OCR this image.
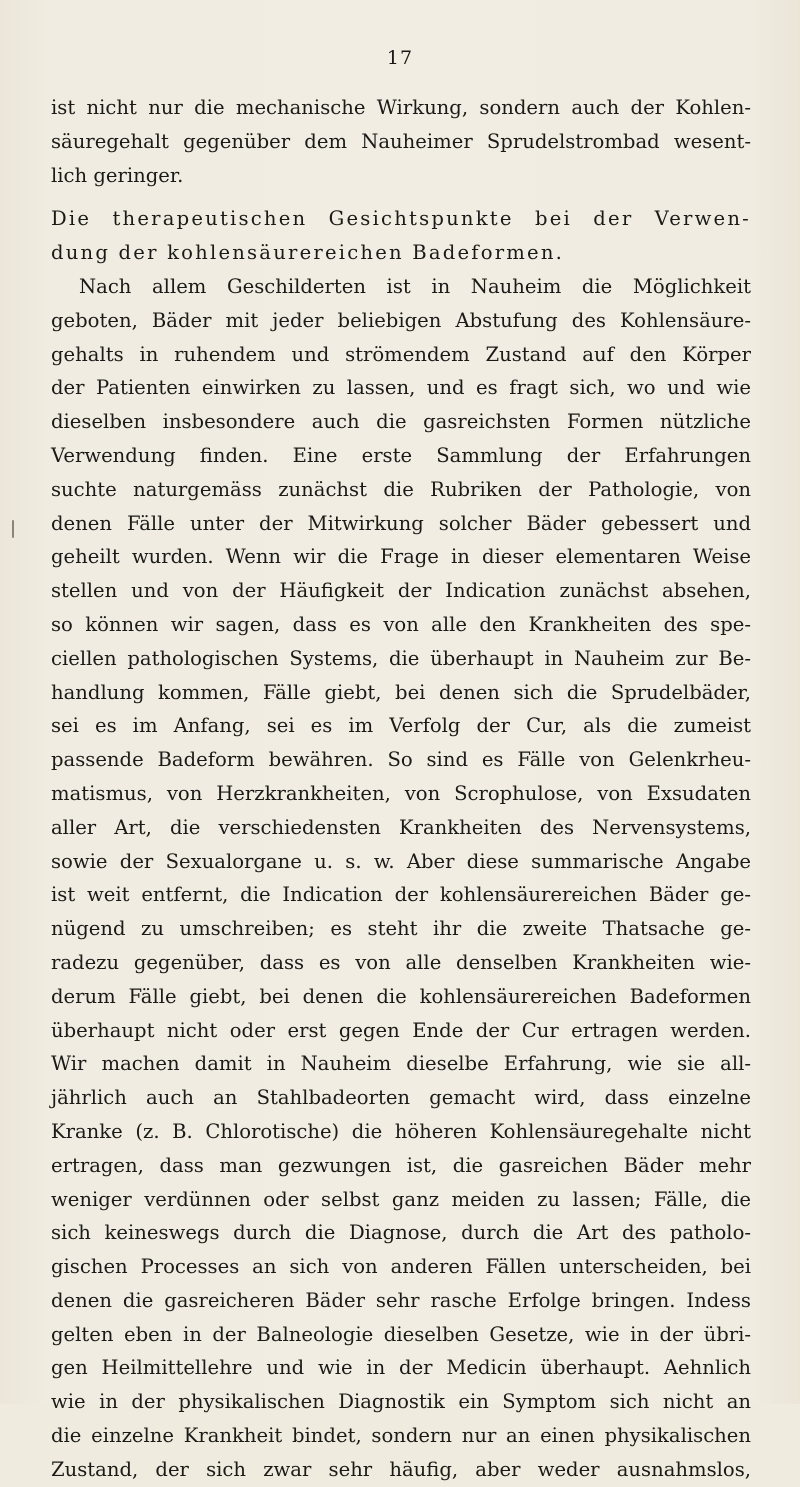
17
ist nicht nur die mechanische Wirkung, sondern auch der Kohlen-
säuregehalt gegenüber dem Nauheimer Sprudelstrombad wesent-
lich geringer.
Die therapeutischen Gesichtspunkte bei der Verwen-
dung der kohlensäurereichen Badeformen.
Nach allem Geschilderten ist in Nauheim die Möglichkeit
geboten, Bäder mit jeder beliebigen Abstufung des Kohlensäure-
gehalts in ruhendem und strömendem Zustand auf den Körper
der Patienten einwirken zu lassen, und es fragt sich, wo und wie
dieselben insbesondere auch die gasreichsten Formen nützliche
Verwendung finden. Eine erste Sammlung der Erfahrungen
suchte naturgemäss zunächst die Rubriken der Pathologie, von
denen Fälle unter der Mitwirkung solcher Bäder gebessert und
geheilt wurden. Wenn wir die Frage in dieser elementaren Weise
stellen und von der Häufigkeit der Indication zunächst absehen,
so können wir sagen, dass es von alle den Krankheiten des spe-
ciellen pathologischen Systems, die überhaupt in Nauheim zur Be-
handlung kommen, Fälle giebt, bei denen sich die Sprudelbäder,
sei es im Anfang, sei es im Verfolg der Cur, als die zumeist
passende Badeform bewähren. So sind es Fälle von Gelenkrheu-
matismus, von Herzkrankheiten, von Scrophulose, von Exsudaten
aller Art, die verschiedensten Krankheiten des Nervensystems,
sowie der Sexualorgane u. s. w. Aber diese summarische Angabe
ist weit entfernt, die Indication der kohlensäurereichen Bäder ge-
nügend zu umschreiben; es steht ihr die zweite Thatsache ge-
radezu gegenüber, dass es von alle denselben Krankheiten wie-
derum Fälle giebt, bei denen die kohlensäurereichen Badeformen
überhaupt nicht oder erst gegen Ende der Cur ertragen werden.
Wir machen damit in Nauheim dieselbe Erfahrung, wie sie all-
jährlich auch an Stahlbadeorten gemacht wird, dass einzelne
Kranke (z. B. Chlorotische) die höheren Kohlensäuregehalte nicht
ertragen, dass man gezwungen ist, die gasreichen Bäder mehr
weniger verdünnen oder selbst ganz meiden zu lassen; Fälle, die
sich keineswegs durch die Diagnose, durch die Art des patholo-
gischen Processes an sich von anderen Fällen unterscheiden, bei
denen die gasreicheren Bäder sehr rasche Erfolge bringen. Indess
gelten eben in der Balneologie dieselben Gesetze, wie in der übri-
gen Heilmittellehre und wie in der Medicin überhaupt. Aehnlich
wie in der physikalischen Diagnostik ein Symptom sich nicht an
die einzelne Krankheit bindet, sondern nur an einen physikalischen
Zustand, der sich zwar sehr häufig, aber weder ausnahmslos,
